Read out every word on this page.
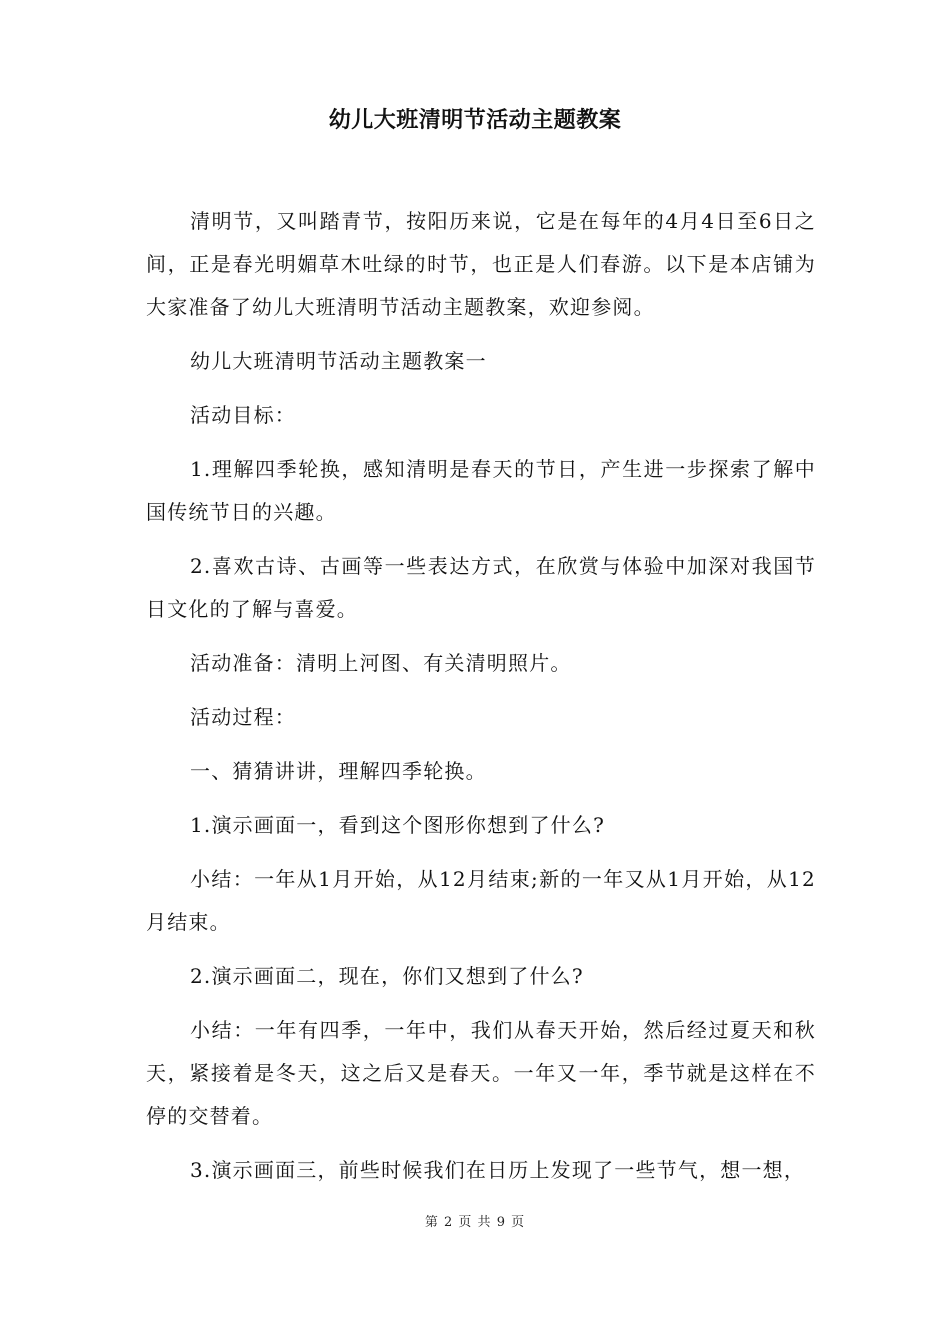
幼儿大班清明节活动主题教案

清明节，又叫踏青节，按阳历来说，它是在每年的4月4日至6日之间，正是春光明媚草木吐绿的时节，也正是人们春游。以下是本店铺为大家准备了幼儿大班清明节活动主题教案，欢迎参阅。

幼儿大班清明节活动主题教案一

活动目标：

1.理解四季轮换，感知清明是春天的节日，产生进一步探索了解中国传统节日的兴趣。

2.喜欢古诗、古画等一些表达方式，在欣赏与体验中加深对我国节日文化的了解与喜爱。

活动准备：清明上河图、有关清明照片。

活动过程：

一、猜猜讲讲，理解四季轮换。

1.演示画面一，看到这个图形你想到了什么?

小结：一年从1月开始，从12月结束;新的一年又从1月开始，从12月结束。

2.演示画面二，现在，你们又想到了什么?

小结：一年有四季，一年中，我们从春天开始，然后经过夏天和秋天，紧接着是冬天，这之后又是春天。一年又一年，季节就是这样在不停的交替着。

3.演示画面三，前些时候我们在日历上发现了一些节气，想一想，

第 2 页 共 9 页
